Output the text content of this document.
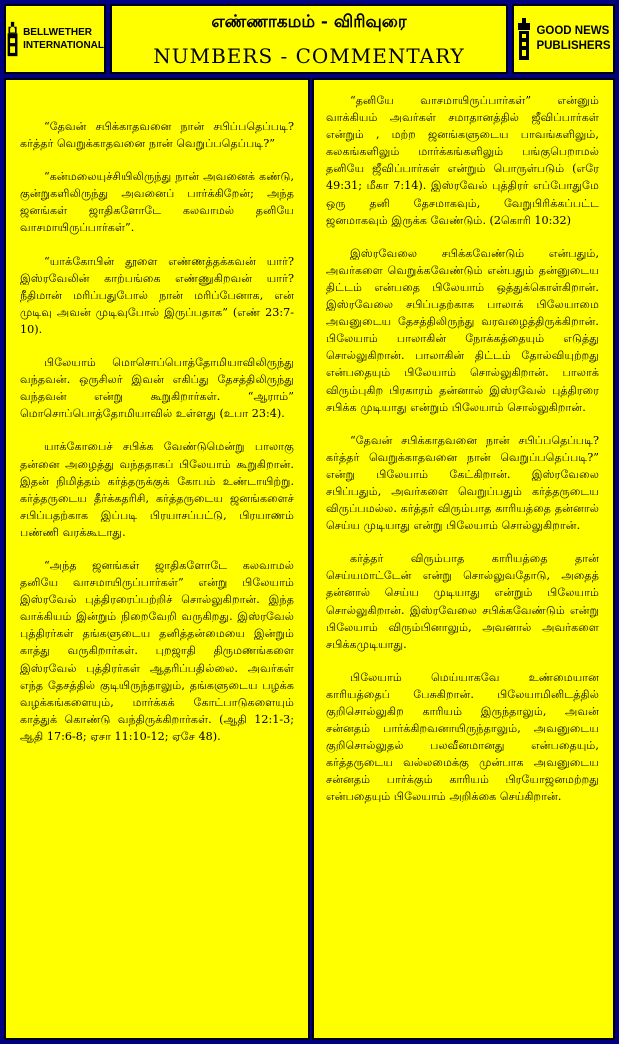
BELLWETHER
INTERNATIONAL
எண்ணாகமம் - விரிவுரை
NUMBERS - COMMENTARY
GOOD NEWS
PUBLISHERS

“தேவன் சபிக்காதவனை நான் சபிப்பதெப்படி? கர்த்தர் வெறுக்காதவனை நான் வெறுப்பதெப்படி?”

“கன்மலையுச்சியிலிருந்து நான் அவனைக் கண்டு, குன்றுகளிலிருந்து அவனைப் பார்க்கிறேன்; அந்த ஜனங்கள் ஜாதிகளோடே கலவாமல் தனியே வாசமாயிருப்பார்கள்”.

“யாக்கோபின் தூளை எண்ணத்தக்கவன் யார்? இஸ்ரவேலின் காற்பங்கை எண்ணுகிறவன் யார்? நீதிமான் மரிப்பதுபோல் நான் மரிப்பேனாக, என் முடிவு அவன் முடிவுபோல் இருப்பதாக” (எண் 23:7-10).

பிலேயாம் மொசொப்பொத்தோமியாவிலிருந்து வந்தவன். ஒருசிலர் இவன் எகிப்து தேசத்திலிருந்து வந்தவன் என்று கூறுகிறார்கள். “ஆராம்” மொசொப்பொத்தோமியாவில் உள்ளது (உபா 23:4).

யாக்கோபைச் சபிக்க வேண்டுமென்று பாலாகு தன்னை அழைத்து வந்ததாகப் பிலேயாம் கூறுகிறான். இதன் நிமித்தம் கர்த்தருக்குக் கோபம் உண்டாயிற்று. கர்த்தருடைய தீர்க்கதரிசி, கர்த்தருடைய ஜனங்களைச் சபிப்பதற்காக இப்படி பிரயாசப்பட்டு, பிரயாணம் பண்ணி வரக்கூடாது.

“அந்த ஜனங்கள் ஜாதிகளோடே கலவாமல் தனியே வாசமாயிருப்பார்கள்” என்று பிலேயாம் இஸ்ரவேல் புத்திரரைப்பற்றிச் சொல்லுகிறான். இந்த வாக்கியம் இன்றும் நிறைவேறி வருகிறது. இஸ்ரவேல் புத்திரர்கள் தங்களுடைய தனித்தன்மையை இன்றும் காத்து வருகிறார்கள். புறஜாதி திருமணங்களை இஸ்ரவேல் புத்திரர்கள் ஆதரிப்பதில்லை. அவர்கள் எந்த தேசத்தில் குடியிருந்தாலும், தங்களுடைய பழக்க வழக்கங்களையும், மார்க்கக் கோட்பாடுகளையும் காத்துக் கொண்டு வந்திருக்கிறார்கள். (ஆதி 12:1-3; ஆதி 17:6-8; ஏசா 11:10-12; ஏசே 48).

“தனியே வாசமாயிருப்பார்கள்” என்னும் வாக்கியம் அவர்கள் சமாதானத்தில் ஜீவிப்பார்கள் என்றும் , மற்ற ஜனங்களுடைய பாவங்களிலும், கலகங்களிலும் மார்க்கங்களிலும் பங்குபெறாமல் தனியே ஜீவிப்பார்கள் என்றும் பொருள்படும் (எரே 49:31; மீகா 7:14). இஸ்ரவேல் புத்திரர் எப்போதுமே ஒரு தனி தேசமாகவும், வேறுபிரிக்கப்பட்ட ஜனமாகவும் இருக்க வேண்டும். (2கொரி 10:32)

இஸ்ரவேலை சபிக்கவேண்டும் என்பதும், அவர்களை வெறுக்கவேண்டும் என்பதும் தன்னுடைய திட்டம் என்பதை பிலேயாம் ஒத்துக்கொள்கிறான். இஸ்ரவேலை சபிப்பதற்காக பாலாக் பிலேயாமை அவனுடைய தேசத்திலிருந்து வரவழைத்திருக்கிறான். பிலேயாம் பாலாகின் நோக்கத்தையும் எடுத்து சொல்லுகிறான். பாலாகின் திட்டம் தோல்வியுற்றது என்பதையும் பிலேயாம் சொல்லுகிறான். பாலாக் விரும்புகிற பிரகாரம் தன்னால் இஸ்ரவேல் புத்திரரை சபிக்க முடியாது என்றும் பிலேயாம் சொல்லுகிறான்.

“தேவன் சபிக்காதவனை நான் சபிப்பதெப்படி? கர்த்தர் வெறுக்காதவனை நான் வெறுப்பதெப்படி?” என்று பிலேயாம் கேட்கிறான். இஸ்ரவேலை சபிப்பதும், அவர்களை வெறுப்பதும் கர்த்தருடைய விருப்பமல்ல. கர்த்தர் விரும்பாத காரியத்தை தன்னால் செய்ய முடியாது என்று பிலேயாம் சொல்லுகிறான்.

கர்த்தர் விரும்பாத காரியத்தை தான் செய்யமாட்டேன் என்று சொல்லுவதோடு, அதைத் தன்னால் செய்ய முடியாது என்றும் பிலேயாம் சொல்லுகிறான். இஸ்ரவேலை சபிக்கவேண்டும் என்று பிலேயாம் விரும்பினாலும், அவனால் அவர்களை சபிக்கமுடியாது.

பிலேயாம் மெய்யாகவே உண்மையான காரியத்தைப் பேசுகிறான். பிலேயாமினிடத்தில் குறிசொல்லுகிற காரியம் இருந்தாலும், அவன் சன்னதம் பார்க்கிறவனாயிருந்தாலும், அவனுடைய குறிசொல்லுதல் பலவீனமானது என்பதையும், கர்த்தருடைய வல்லமைக்கு முன்பாக அவனுடைய சன்னதம் பார்க்கும் காரியம் பிரயோஜனமற்றது என்பதையும் பிலேயாம் அறிக்கை செய்கிறான்.
